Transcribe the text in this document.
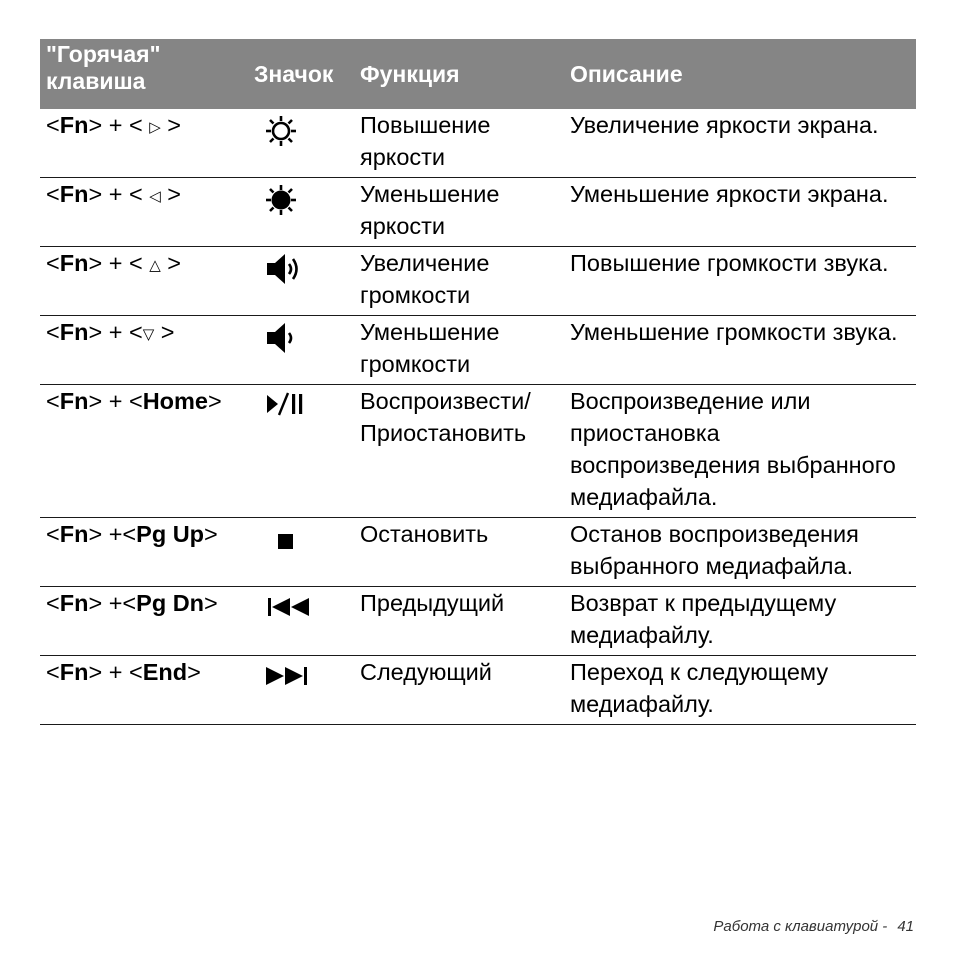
"Горячая"
клавиша	Значок	Функция	Описание
<Fn> + < ▷ >		Повышение яркости	Увеличение яркости экрана.
<Fn> + < ◁ >		Уменьшение яркости	Уменьшение яркости экрана.
<Fn> + < △ >		Увеличение громкости	Повышение громкости звука.
<Fn> + <▽ >		Уменьшение громкости	Уменьшение громкости звука.
<Fn> + <Home>		Воспроизвести/ Приостановить	Воспроизведение или приостановка воспроизведения выбранного медиафайла.
<Fn> +<Pg Up>		Остановить	Останов воспроизведения выбранного медиафайла.
<Fn> +<Pg Dn>		Предыдущий	Возврат к предыдущему медиафайлу.
<Fn> + <End>		Следующий	Переход к следующему медиафайлу.
Работа с клавиатурой - 41
